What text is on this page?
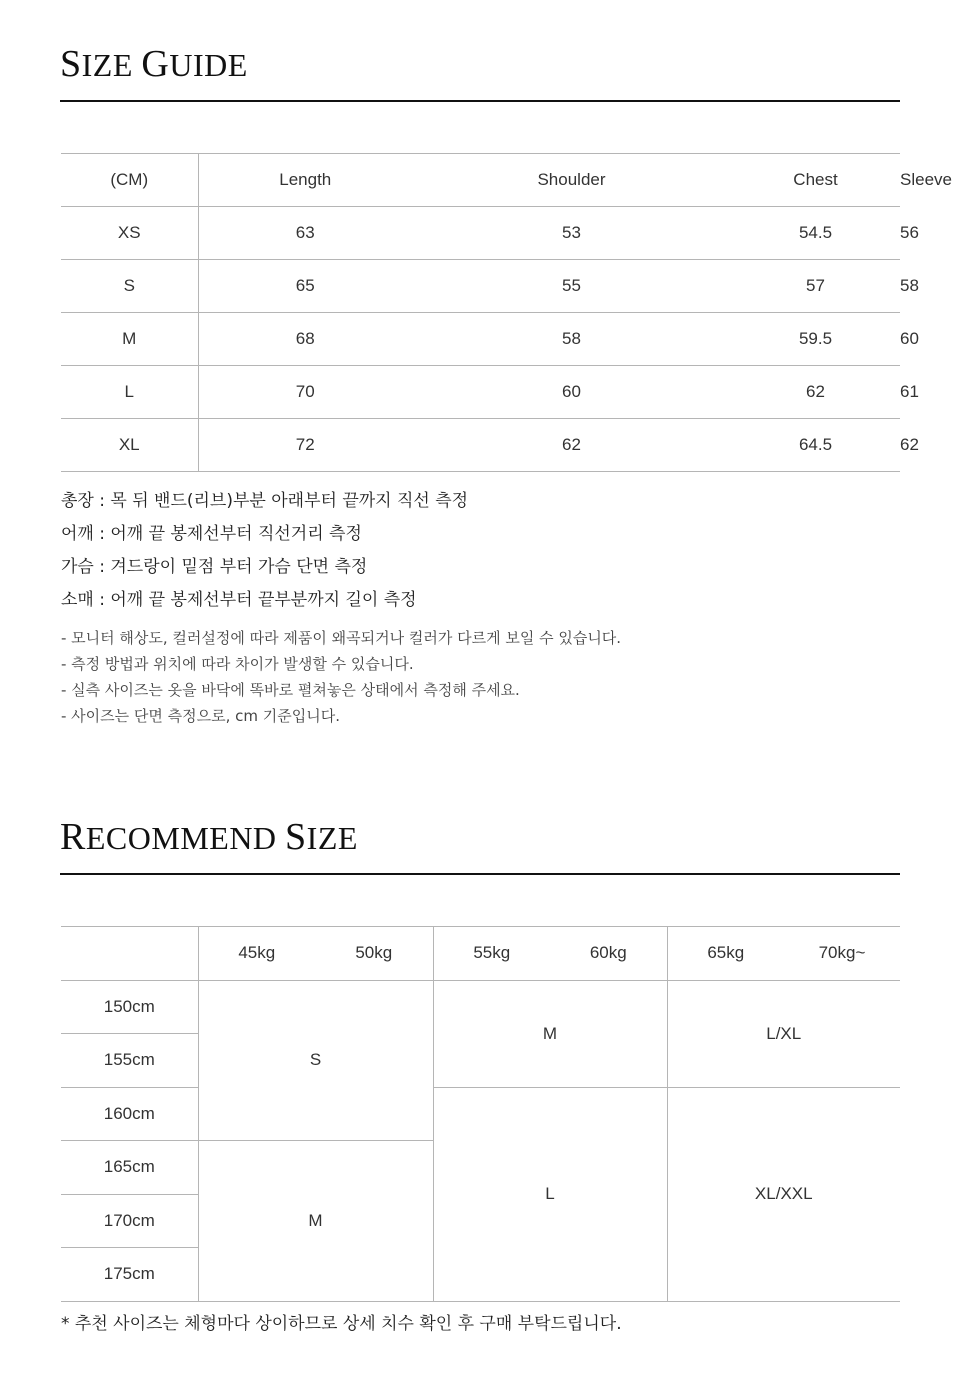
SIZE GUIDE
(CM)	Length	Shoulder	Chest	Sleeve
XS	63	53	54.5	56
S	65	55	57	58
M	68	58	59.5	60
L	70	60	62	61
XL	72	62	64.5	62
총장 : 목 뒤 밴드(리브)부분 아래부터 끝까지 직선 측정
어깨 : 어깨 끝 봉제선부터 직선거리 측정
가슴 : 겨드랑이 밑점 부터 가슴 단면 측정
소매 : 어깨 끝 봉제선부터 끝부분까지 길이 측정
- 모니터 해상도, 컬러설정에 따라 제품이 왜곡되거나 컬러가 다르게 보일 수 있습니다.
- 측정 방법과 위치에 따라 차이가 발생할 수 있습니다.
- 실측 사이즈는 옷을 바닥에 똑바로 펼쳐놓은 상태에서 측정해 주세요.
- 사이즈는 단면 측정으로, cm 기준입니다.
RECOMMEND SIZE
	45kg	50kg	55kg	60kg	65kg	70kg~
150cm	S		M		L/XL	
155cm						
160cm			L		XL/XXL	
165cm	M					
170cm						
175cm						
* 추천 사이즈는 체형마다 상이하므로 상세 치수 확인 후 구매 부탁드립니다.
